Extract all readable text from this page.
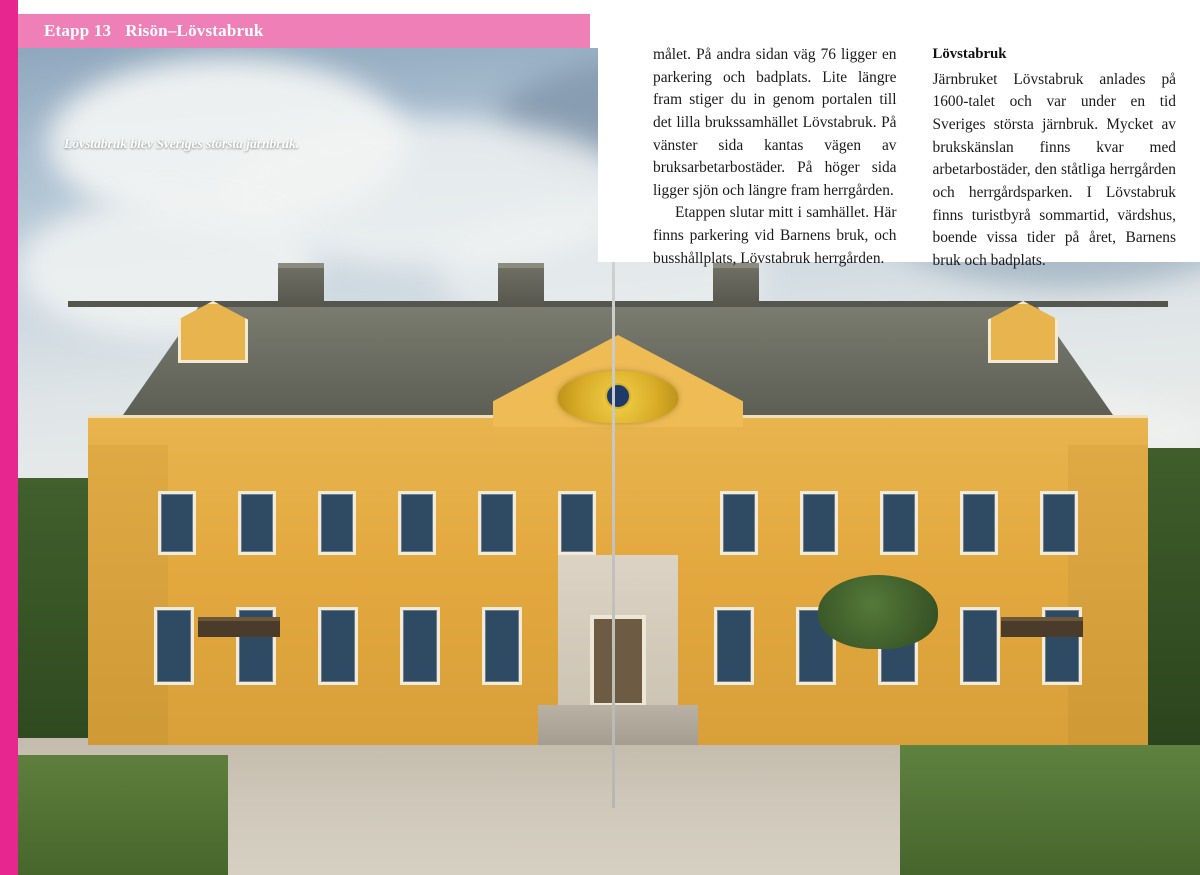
Etapp 13 Risön–Lövstabruk
Lövstabruk blev Sveriges största järnbruk.

målet. På andra sidan väg 76 ligger en parkering och badplats. Lite längre fram stiger du in genom portalen till det lilla brukssamhället Lövstabruk. På vänster sida kantas vägen av bruksarbetarbostäder. På höger sida ligger sjön och längre fram herrgården.

Etappen slutar mitt i samhället. Här finns parkering vid Barnens bruk, och busshållplats, Lövstabruk herrgården.

Lövstabruk

Järnbruket Lövstabruk anlades på 1600-talet och var under en tid Sveriges största järnbruk. Mycket av brukskänslan finns kvar med arbetarbostäder, den ståtliga herrgården och herrgårdsparken. I Lövstabruk finns turistbyrå sommartid, värdshus, boende vissa tider på året, Barnens bruk och badplats.
